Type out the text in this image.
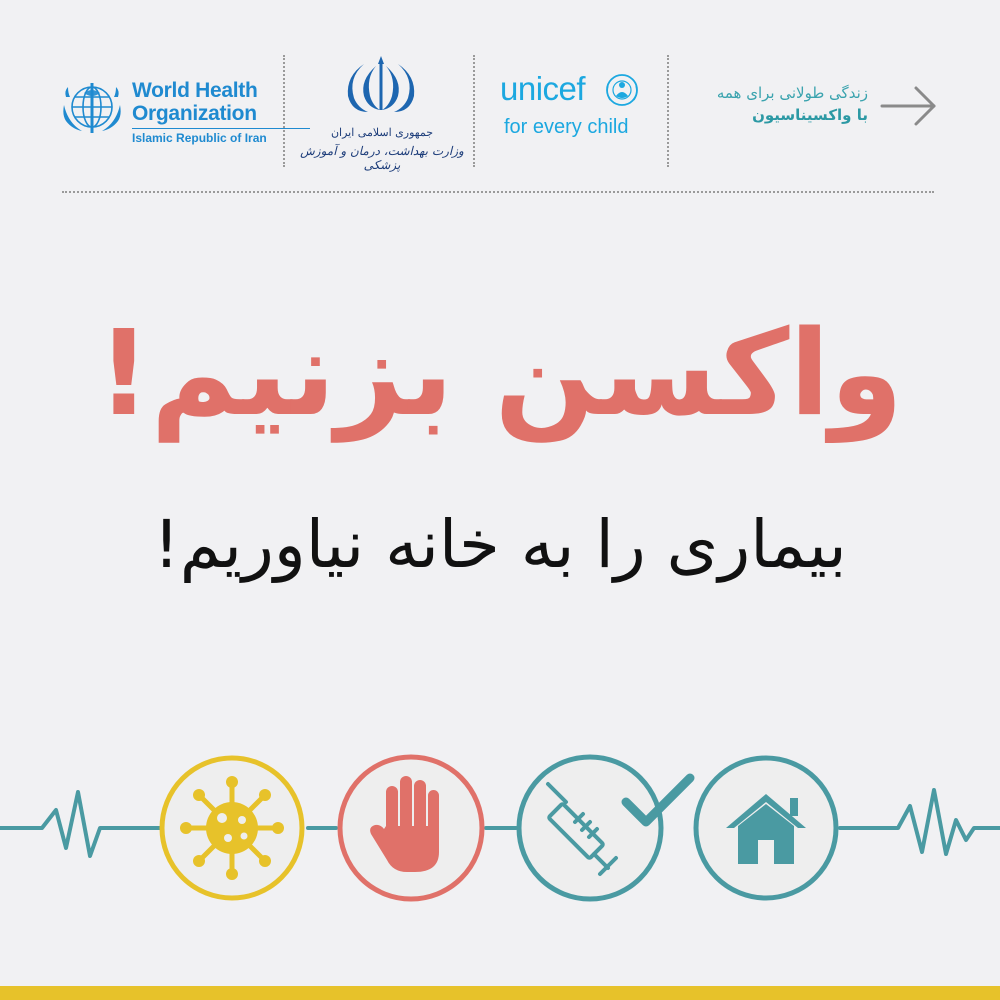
World Health
Organization
Islamic Republic of Iran	جمهوری اسلامی ایران
وزارت بهداشت، درمان و آموزش پزشکی
unicef
for every child
زندگی طولانی برای همه
با واکسیناسیون
واکسن بزنیم!
بیماری را به خانه نیاوریم!
